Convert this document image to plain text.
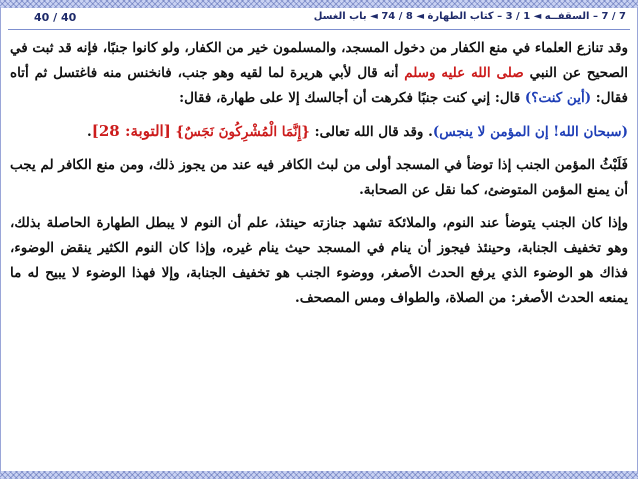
40 / 40	7 / 7 – السقفــه ◄ 1 / 3 – كتاب الطهارة ◄ 8 / 74 ◄ باب الغسل

وقد تنازع العلماء في منع الكفار من دخول المسجد، والمسلمون خير من الكفار، ولو كانوا جنبًا، فإنه قد ثبت في الصحيح عن النبي صلى الله عليه وسلم أنه قال لأبي هريرة لما لقيه وهو جنب، فانخنس منه فاغتسل ثم أتاه فقال: (أين كنت؟) قال: إني كنت جنبًا فكرهت أن أجالسك إلا على طهارة، فقال:

(سبحان الله! إن المؤمن لا ينجس). وقد قال الله تعالى: {إِنَّمَا الْمُشْرِكُونَ نَجَسٌ} [التوبة: 28].

فَلَبْثُ المؤمن الجنب إذا توضأ في المسجد أولى من لبث الكافر فيه عند من يجوز ذلك، ومن منع الكافر لم يجب أن يمنع المؤمن المتوضئ، كما نقل عن الصحابة.

وإذا كان الجنب يتوضأ عند النوم، والملائكة تشهد جنازته حينئذ، علم أن النوم لا يبطل الطهارة الحاصلة بذلك، وهو تخفيف الجنابة، وحينئذ فيجوز أن ينام في المسجد حيث ينام غيره، وإذا كان النوم الكثير ينقض الوضوء، فذاك هو الوضوء الذي يرفع الحدث الأصغر، ووضوء الجنب هو تخفيف الجنابة، وإلا فهذا الوضوء لا يبيح له ما يمنعه الحدث الأصغر: من الصلاة، والطواف ومس المصحف.
